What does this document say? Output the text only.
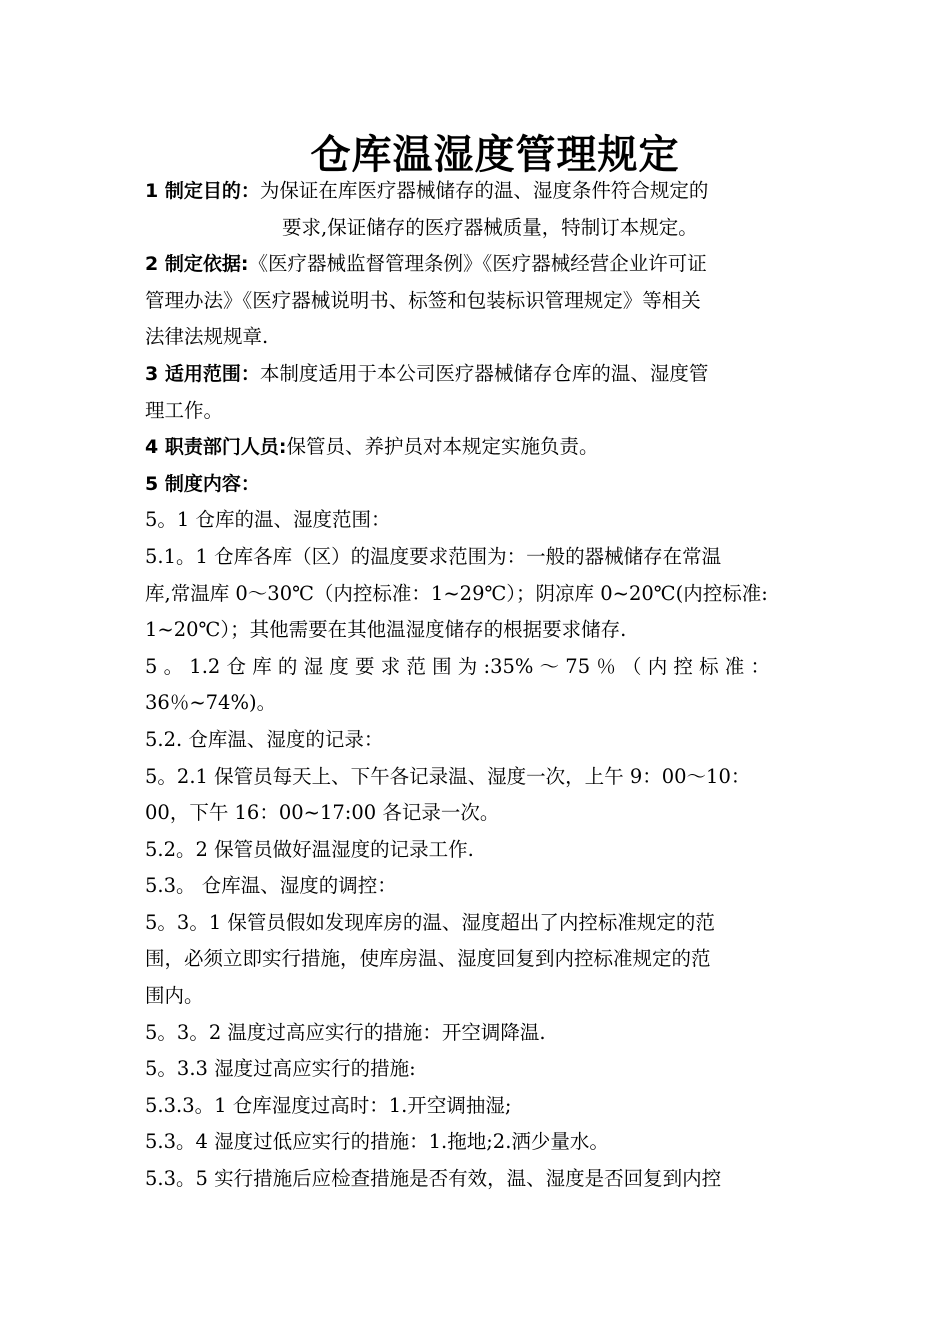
仓库温湿度管理规定

1 制定目的：为保证在库医疗器械储存的温、湿度条件符合规定的

要求,保证储存的医疗器械质量，特制订本规定。

2 制定依据:《医疗器械监督管理条例》《医疗器械经营企业许可证

管理办法》《医疗器械说明书、标签和包装标识管理规定》等相关

法律法规规章.

3 适用范围：本制度适用于本公司医疗器械储存仓库的温、湿度管

理工作。

4 职责部门人员:保管员、养护员对本规定实施负责。

5 制度内容：

5。1 仓库的温、湿度范围：

5.1。1 仓库各库（区）的温度要求范围为：一般的器械储存在常温

库,常温库 0～30℃（内控标准：1~29℃）；阴凉库 0~20℃(内控标准:

1~20℃）；其他需要在其他温湿度储存的根据要求储存.

5 。 1.2 仓 库 的 湿 度 要 求 范 围 为 :35% ～ 75 ％ （ 内 控 标 准 ：

36％~74%)。

5.2. 仓库温、湿度的记录：

5。2.1 保管员每天上、下午各记录温、湿度一次，上午 9：00～10：

00，下午 16：00~17:00 各记录一次。

5.2。2 保管员做好温湿度的记录工作.

5.3。 仓库温、湿度的调控：

5。3。1 保管员假如发现库房的温、湿度超出了内控标准规定的范

围，必须立即实行措施，使库房温、湿度回复到内控标准规定的范

围内。

5。3。2 温度过高应实行的措施：开空调降温.

5。3.3 湿度过高应实行的措施:

5.3.3。1 仓库湿度过高时：1.开空调抽湿;

5.3。4 湿度过低应实行的措施：1.拖地;2.洒少量水。

5.3。5 实行措施后应检查措施是否有效，温、湿度是否回复到内控
